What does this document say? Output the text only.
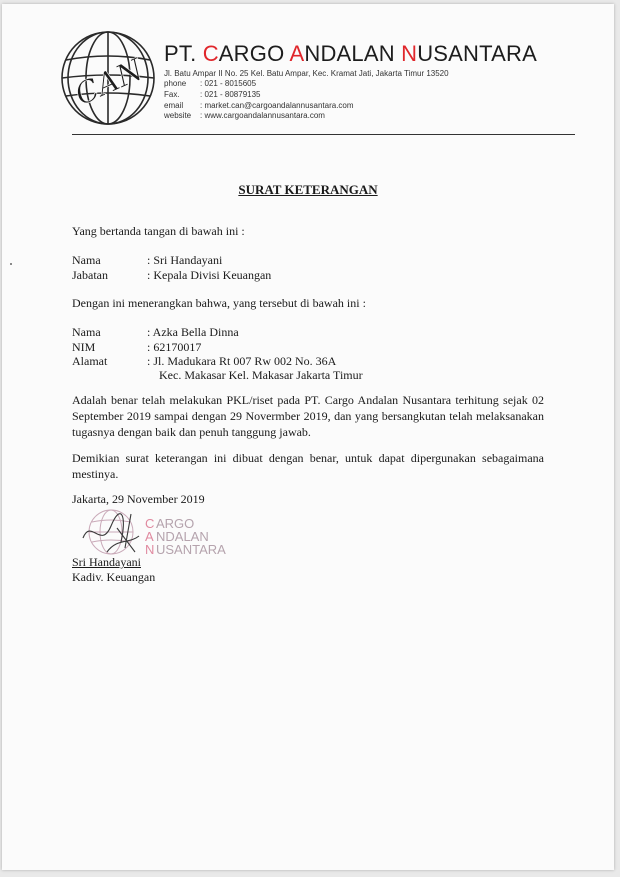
CAN PT. CARGO ANDALAN NUSANTARA
Jl. Batu Ampar II No. 25 Kel. Batu Ampar, Kec. Kramat Jati, Jakarta Timur 13520
phone	: 021 - 8015605
Fax.	: 021 - 80879135
email	: market.can@cargoandalannusantara.com
website	: www.cargoandalannusantara.com
SURAT KETERANGAN
Yang bertanda tangan di bawah ini :
Nama	: Sri Handayani
Jabatan	: Kepala Divisi Keuangan
Dengan ini menerangkan bahwa, yang tersebut di bawah ini :
Nama	: Azka Bella Dinna
NIM	: 62170017
Alamat	: Jl. Madukara Rt 007 Rw 002 No. 36A
Kec. Makasar Kel. Makasar Jakarta Timur
Adalah benar telah melakukan PKL/riset pada PT. Cargo Andalan Nusantara terhitung sejak 02 September 2019 sampai dengan 29 Novermber 2019, dan yang bersangkutan telah melaksanakan tugasnya dengan baik dan penuh tanggung jawab.
Demikian surat keterangan ini dibuat dengan benar, untuk dapat dipergunakan sebagaimana mestinya.
Jakarta, 29 November 2019
C ARGO
A NDALAN
N USANTARA
Sri Handayani
Kadiv. Keuangan
